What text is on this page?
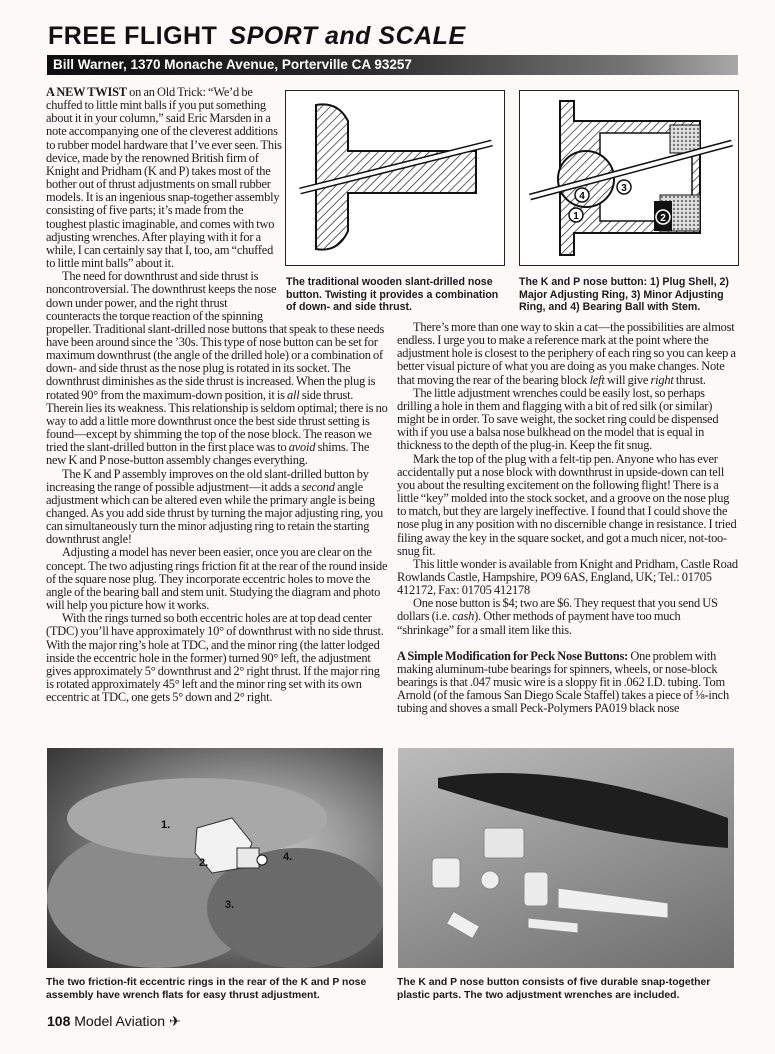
FREE FLIGHT SPORT and SCALE
Bill Warner, 1370 Monache Avenue, Porterville CA 93257

A NEW TWIST on an Old Trick: “We’d be chuffed to little mint balls if you put something about it in your column,” said Eric Marsden in a note accompanying one of the cleverest additions to rubber model hardware that I’ve ever seen. This device, made by the renowned British firm of Knight and Pridham (K and P) takes most of the bother out of thrust adjustments on small rubber models. It is an ingenious snap-together assembly consisting of five parts; it’s made from the toughest plastic imaginable, and comes with two adjusting wrenches. After playing with it for a while, I can certainly say that I, too, am “chuffed to little mint balls” about it.

The need for downthrust and side thrust is noncontroversial. The downthrust keeps the nose down under power, and the right thrust counteracts the torque reaction of the spinning propeller. Traditional slant-drilled nose buttons that speak to these needs have been around since the ’30s. This type of nose button can be set for maximum downthrust (the angle of the drilled hole) or a combination of down- and side thrust as the nose plug is rotated in its socket. The downthrust diminishes as the side thrust is increased. When the plug is rotated 90° from the maximum-down position, it is all side thrust. Therein lies its weakness. This relationship is seldom optimal; there is no way to add a little more downthrust once the best side thrust setting is found—except by shimming the top of the nose block. The reason we tried the slant-drilled button in the first place was to avoid shims. The new K and P nose-button assembly changes everything.

The K and P assembly improves on the old slant-drilled button by increasing the range of possible adjustment—it adds a second angle adjustment which can be altered even while the primary angle is being changed. As you add side thrust by turning the major adjusting ring, you can simultaneously turn the minor adjusting ring to retain the starting downthrust angle!

Adjusting a model has never been easier, once you are clear on the concept. The two adjusting rings friction fit at the rear of the round inside of the square nose plug. They incorporate eccentric holes to move the angle of the bearing ball and stem unit. Studying the diagram and photo will help you picture how it works.

With the rings turned so both eccentric holes are at top dead center (TDC) you’ll have approximately 10° of downthrust with no side thrust. With the major ring’s hole at TDC, and the minor ring (the latter lodged inside the eccentric hole in the former) turned 90° left, the adjustment gives approximately 5° downthrust and 2° right thrust. If the major ring is rotated approximately 45° left and the minor ring set with its own eccentric at TDC, one gets 5° down and 2° right.

There’s more than one way to skin a cat—the possibilities are almost endless. I urge you to make a reference mark at the point where the adjustment hole is closest to the periphery of each ring so you can keep a better visual picture of what you are doing as you make changes. Note that moving the rear of the bearing block left will give right thrust.

The little adjustment wrenches could be easily lost, so perhaps drilling a hole in them and flagging with a bit of red silk (or similar) might be in order. To save weight, the socket ring could be dispensed with if you use a balsa nose bulkhead on the model that is equal in thickness to the depth of the plug-in. Keep the fit snug.

Mark the top of the plug with a felt-tip pen. Anyone who has ever accidentally put a nose block with downthrust in upside-down can tell you about the resulting excitement on the following flight! There is a little “key” molded into the stock socket, and a groove on the nose plug to match, but they are largely ineffective. I found that I could shove the nose plug in any position with no discernible change in resistance. I tried filing away the key in the square socket, and got a much nicer, not-too-snug fit.

This little wonder is available from Knight and Pridham, Castle Road Rowlands Castle, Hampshire, PO9 6AS, England, UK; Tel.: 01705 412172, Fax: 01705 412178

One nose button is $4; two are $6. They request that you send US dollars (i.e. cash). Other methods of payment have too much “shrinkage” for a small item like this.

A Simple Modification for Peck Nose Buttons: One problem with making aluminum-tube bearings for spinners, wheels, or nose-block bearings is that .047 music wire is a sloppy fit in .062 I.D. tubing. Tom Arnold (of the famous San Diego Scale Staffel) takes a piece of ⅛-inch tubing and shoves a small Peck-Polymers PA019 black nose

The traditional wooden slant-drilled nose button. Twisting it provides a combination of down- and side thrust.
1	2
3
4
The K and P nose button: 1) Plug Shell, 2) Major Adjusting Ring, 3) Minor Adjusting Ring, and 4) Bearing Ball with Stem.
1.
2.
3.
4.
The two friction-fit eccentric rings in the rear of the K and P nose assembly have wrench flats for easy thrust adjustment.
The K and P nose button consists of five durable snap-together plastic parts. The two adjustment wrenches are included.
108 Model Aviation ✈
